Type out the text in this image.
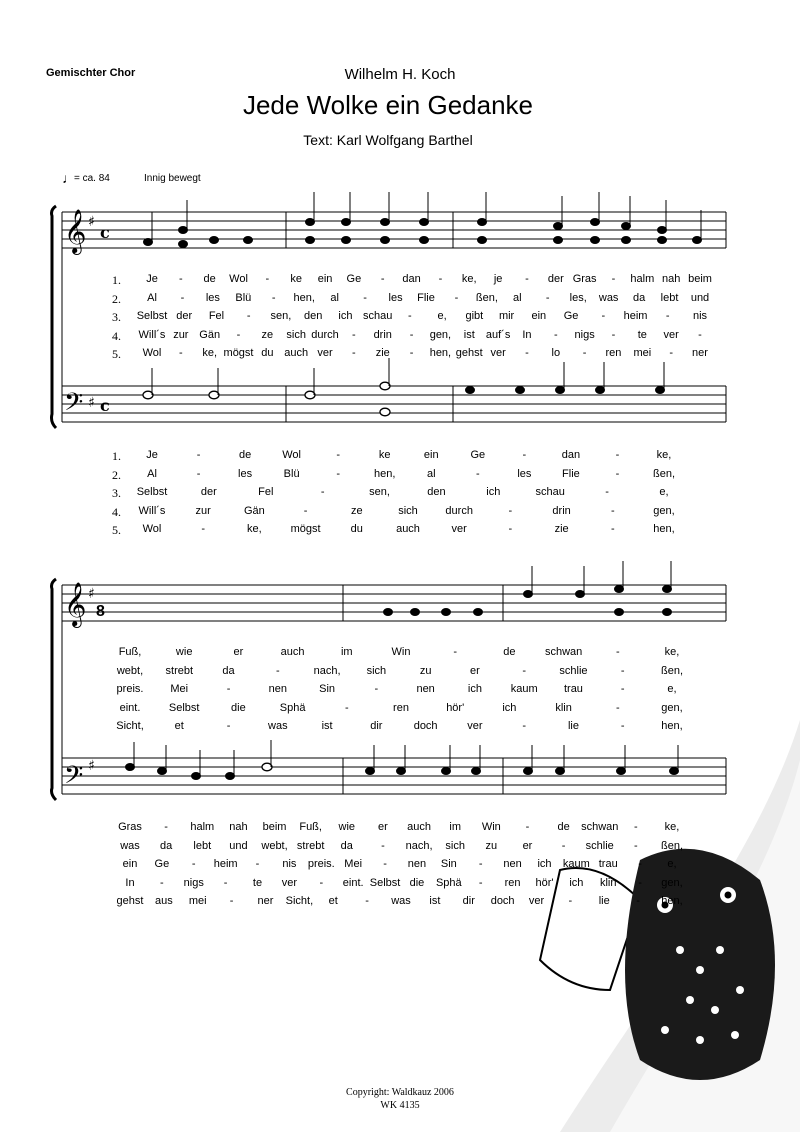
Gemischter Chor	Wilhelm H. Koch
Jede Wolke ein Gedanke
Text: Karl Wolfgang Barthel
♩
= ca. 84	Innig bewegt
𝄞
𝄢
𝄞
𝄢
♯
♯
♯
♯
c
c
8
1.
2.
3.
4.
5.
Je - de Wol - ke ein Ge - dan - ke, je - der Gras - halm nah beim
Al - les Blü - hen, al - les Flie - ßen, al - les, was da lebt und
Selbst der Fel - sen, den ich schau - e, gibt mir ein Ge - heim - nis
Will´s zur Gän - ze sich durch - drin - gen, ist auf´s In - nigs - te ver -
Wol - ke, mögst du auch ver - zie - hen, gehst ver - lo - ren mei - ner
1.
2.
3.
4.
5.
Je	-	de	Wol	-	ke	ein	Ge	-	dan	-	ke,
Al	-	les	Blü	-	hen,	al	-	les	Flie	-	ßen,
Selbst	der	Fel	-	sen,	den	ich	schau	-	e,
Will´s	zur	Gän	-	ze	sich	durch	-	drin	-	gen,
Wol	-	ke,	mögst	du	auch	ver	-	zie	-	hen,
Fuß,	wie	er	auch	im	Win	-	de	schwan	-	ke,
webt, strebt	da	-	nach, sich	zu	er	-	schlie	-	ßen,
preis. Mei	-	nen	Sin	-	nen	ich	kaum trau	-	e,
eint.	Selbst	die	Sphä	-	ren	hör'	ich	klin	-	gen,
Sicht,	et	-	was	ist	dir	doch	ver	-	lie	-	hen,
Gras - halm nah beim Fuß, wie er auch im Win -	de schwan - ke,
was da lebt und webt, strebt da	- nach, sich zu er	- schlie - ßen,
ein Ge - heim - nis preis. Mei - nen Sin - nen ich kaum trau - e,
In - nigs - te ver - eint. Selbst die Sphä - ren hör' ich klin - gen,
gehst aus mei - ner Sicht, et - was ist dir doch ver - lie - hen,
Copyright: Waldkauz 2006
WK 4135
